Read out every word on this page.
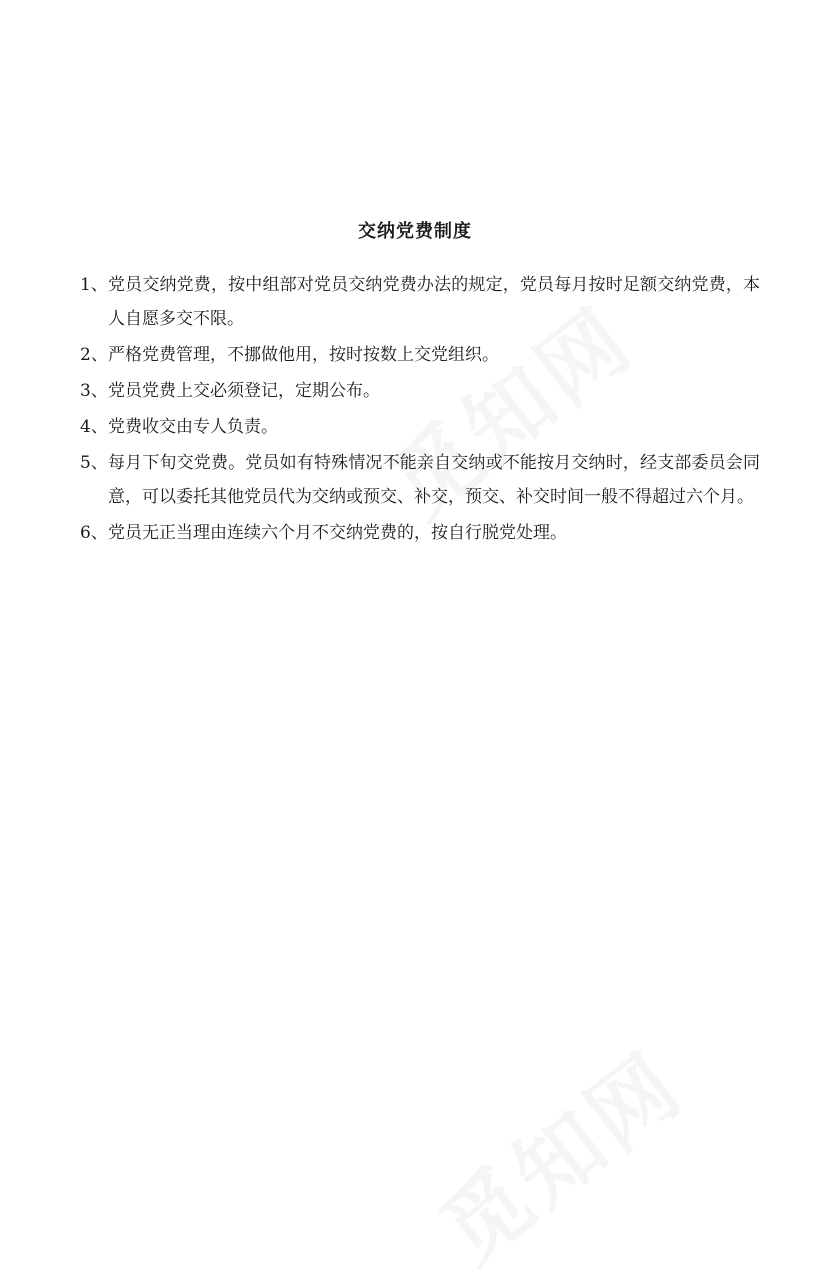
交纳党费制度
1、 党员交纳党费，按中组部对党员交纳党费办法的规定，党员每月按时足额交纳党费，本人自愿多交不限。
2、 严格党费管理，不挪做他用，按时按数上交党组织。
3、 党员党费上交必须登记，定期公布。
4、 党费收交由专人负责。
5、 每月下旬交党费。党员如有特殊情况不能亲自交纳或不能按月交纳时，经支部委员会同意，可以委托其他党员代为交纳或预交、补交，预交、补交时间一般不得超过六个月。
6、 党员无正当理由连续六个月不交纳党费的，按自行脱党处理。
